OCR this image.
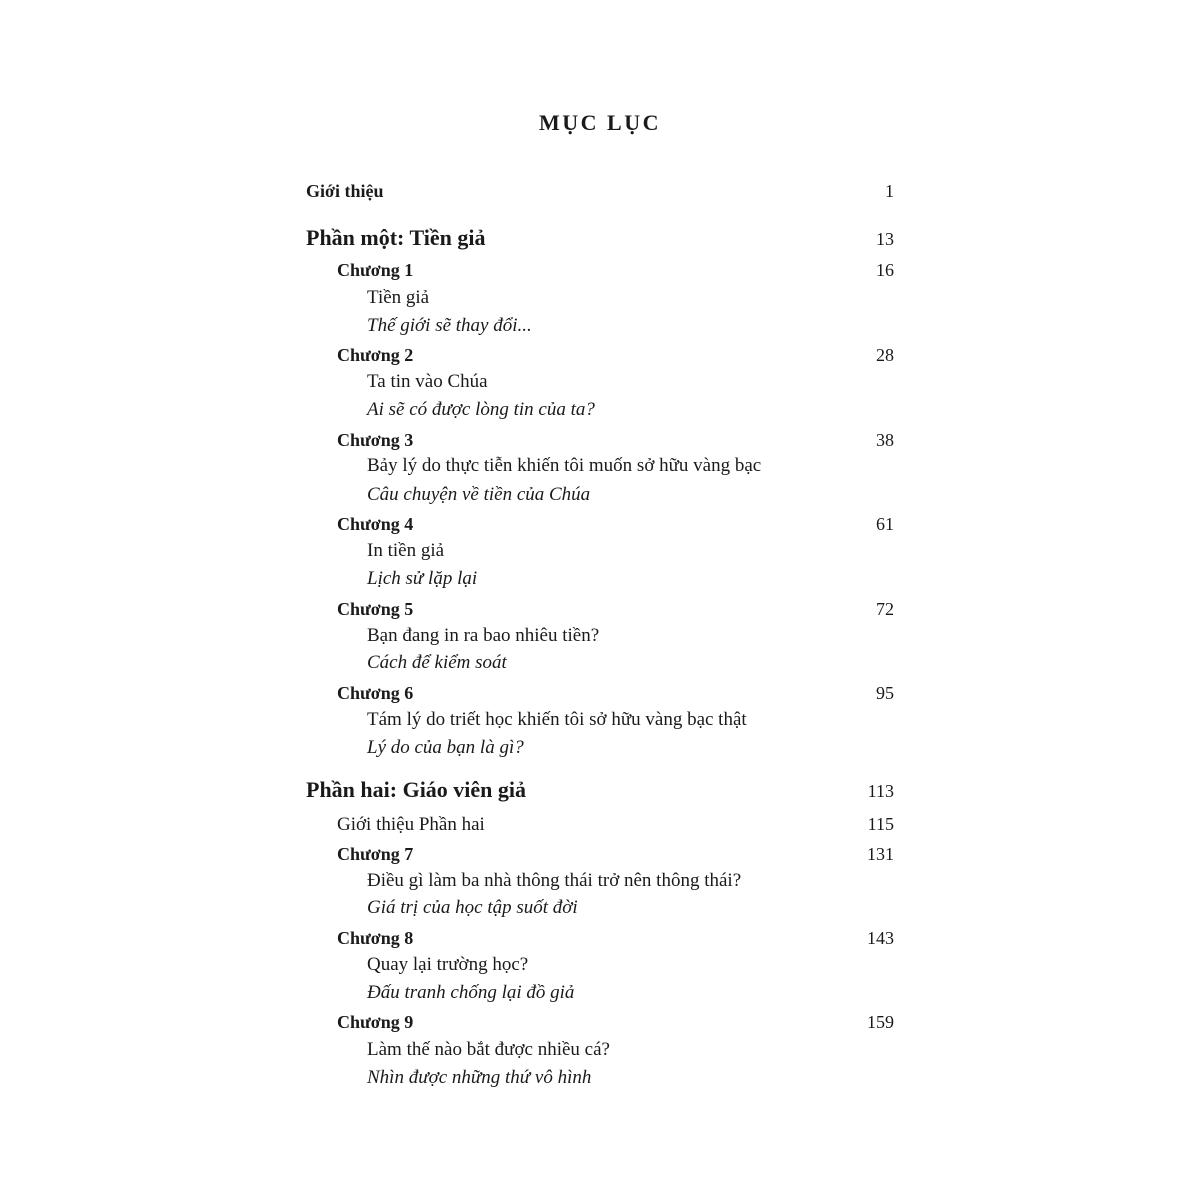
MỤC LỤC
Giới thiệu	1
Phần một: Tiền giả	13
Chương 1	16
Tiền giả
Thế giới sẽ thay đổi...
Chương 2	28
Ta tin vào Chúa
Ai sẽ có được lòng tin của ta?
Chương 3	38
Bảy lý do thực tiễn khiến tôi muốn sở hữu vàng bạc
Câu chuyện về tiền của Chúa
Chương 4	61
In tiền giả
Lịch sử lặp lại
Chương 5	72
Bạn đang in ra bao nhiêu tiền?
Cách để kiểm soát
Chương 6	95
Tám lý do triết học khiến tôi sở hữu vàng bạc thật
Lý do của bạn là gì?
Phần hai: Giáo viên giả	113
Giới thiệu Phần hai	115
Chương 7	131
Điều gì làm ba nhà thông thái trở nên thông thái?
Giá trị của học tập suốt đời
Chương 8	143
Quay lại trường học?
Đấu tranh chống lại đồ giả
Chương 9	159
Làm thế nào bắt được nhiều cá?
Nhìn được những thứ vô hình
